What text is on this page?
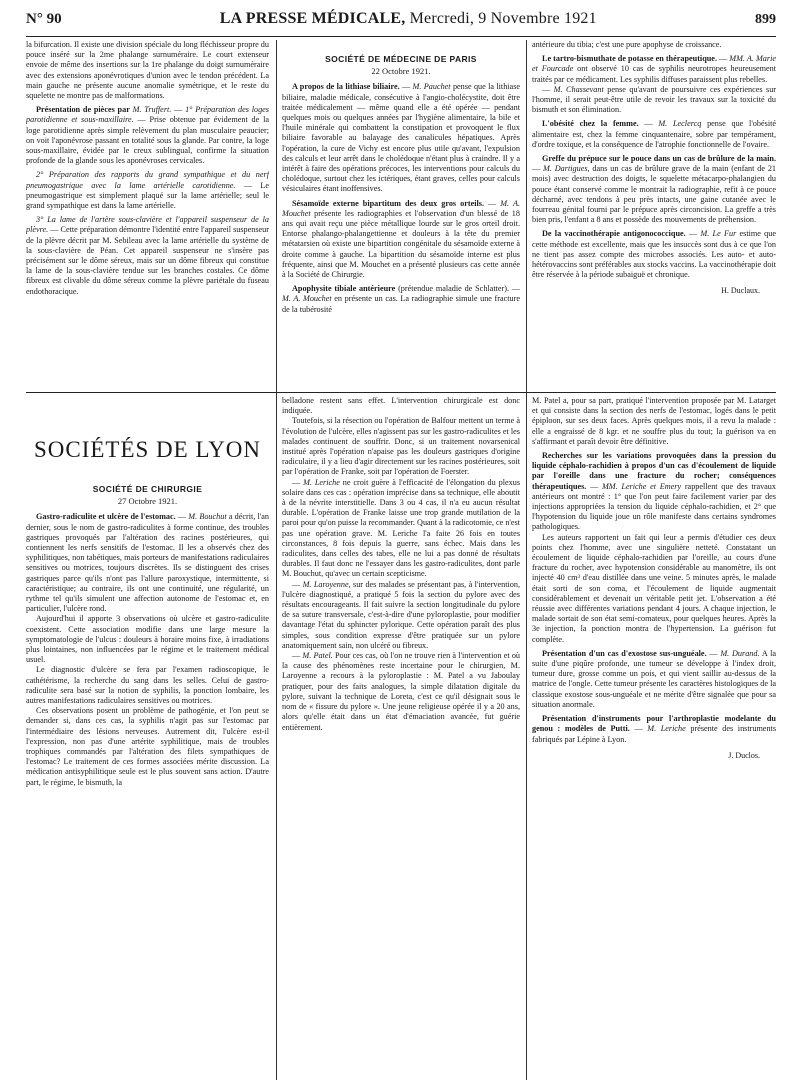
N° 90	LA PRESSE MÉDICALE, Mercredi, 9 Novembre 1921	899

la bifurcation. Il existe une division spéciale du long fléchisseur propre du pouce inséré sur la 2me phalange surnuméraire. Le court extenseur envoie de même des insertions sur la 1re phalange du doigt surnuméraire avec des extensions aponévrotiques d'union avec le tendon précédent. La main gauche ne présente aucune anomalie symétrique, et le reste du squelette ne montre pas de malformations.

Présentation de pièces par M. Truffert. — 1° Préparation des loges parotidienne et sous-maxillaire. — Prise obtenue par évidement de la loge parotidienne après simple relèvement du plan musculaire peaucier; on voit l'aponévrose passant en totalité sous la glande. Par contre, la loge sous-maxillaire, évidée par le creux sublingual, confirme la situation profonde de la glande sous les aponévroses cervicales.

2° Préparation des rapports du grand sympathique et du nerf pneumogastrique avec la lame artérielle carotidienne. — Le pneumogastrique est simplement plaqué sur la lame artérielle; seul le grand sympathique est dans la lame artérielle.

3° La lame de l'artère sous-clavière et l'appareil suspenseur de la plèvre. — Cette préparation démontre l'identité entre l'appareil suspenseur de la plèvre décrit par M. Sebileau avec la lame artérielle du système de la sous-clavière de Péan. Cet appareil suspenseur ne s'insère pas précisément sur le dôme séreux, mais sur un dôme fibreux qui constitue la lame de la sous-clavière tendue sur les branches costales. Ce dôme fibreux est clivable du dôme séreux comme la plèvre pariétale du fuseau endothoracique.

SOCIÉTÉ DE MÉDECINE DE PARIS

22 Octobre 1921.

A propos de la lithiase biliaire. — M. Pauchet pense que la lithiase biliaire, maladie médicale, consécutive à l'angio-cholécystite, doit être traitée médicalement — même quand elle a été opérée — pendant quelques mois ou quelques années par l'hygiène alimentaire, la bile et l'huile minérale qui combattent la constipation et provoquent le flux biliaire favorable au balayage des canalicules hépatiques. Après l'opération, la cure de Vichy est encore plus utile qu'avant, l'expulsion des calculs et leur arrêt dans le cholédoque n'étant plus à craindre. Il y a intérêt à faire des opérations précoces, les interventions pour calculs du cholédoque, surtout chez les ictériques, étant graves, celles pour calculs vésiculaires étant inoffensives.

Sésamoïde externe bipartitum des deux gros orteils. — M. A. Mouchet présente les radiographies et l'observation d'un blessé de 18 ans qui avait reçu une pièce métallique lourde sur le gros orteil droit. Entorse phalango-phalangettienne et douleurs à la tête du premier métatarsien où existe une bipartition congénitale du sésamoïde externe à droite comme à gauche. La bipartition du sésamoïde interne est plus fréquente, ainsi que M. Mouchet en a présenté plusieurs cas cette année à la Société de Chirurgie.

Apophysite tibiale antérieure (prétendue maladie de Schlatter). — M. A. Mouchet en présente un cas. La radiographie simule une fracture de la tubérosité

antérieure du tibia; c'est une pure apophyse de croissance.

Le tartro-bismuthate de potasse en thérapeutique. — MM. A. Marie et Fourcade ont observé 10 cas de syphilis neurotropes heureusement traités par ce médicament. Les syphilis diffuses paraissent plus rebelles.

— M. Chassevant pense qu'avant de poursuivre ces expériences sur l'homme, il serait peut-être utile de revoir les travaux sur la toxicité du bismuth et son élimination.

L'obésité chez la femme. — M. Leclercq pense que l'obésité alimentaire est, chez la femme cinquantenaire, sobre par tempérament, d'ordre toxique, et la conséquence de l'atrophie fonctionnelle de l'ovaire.

Greffe du prépuce sur le pouce dans un cas de brûlure de la main. — M. Dartigues, dans un cas de brûlure grave de la main (enfant de 21 mois) avec destruction des doigts, le squelette métacarpo-phalangien du pouce étant conservé comme le montrait la radiographie, refit à ce pouce décharné, avec tendons à peu près intacts, une gaine cutanée avec le fourreau génital fourni par le prépuce après circoncision. La greffe a très bien pris, l'enfant a 8 ans et possède des mouvements de préhension.

De la vaccinothérapie antigonococcique. — M. Le Fur estime que cette méthode est excellente, mais que les insuccès sont dus à ce que l'on ne tient pas assez compte des microbes associés. Les auto- et auto-hétérovaccins sont préférables aux stocks vaccins. La vaccinothérapie doit être réservée à la période subaiguë et chronique.

H. Duclaux.

SOCIÉTÉS DE LYON

SOCIÉTÉ DE CHIRURGIE

27 Octobre 1921.

Gastro-radiculite et ulcère de l'estomac. — M. Bouchut a décrit, l'an dernier, sous le nom de gastro-radiculites à forme continue, des troubles gastriques provoqués par l'altération des racines postérieures, qui contiennent les nerfs sensitifs de l'estomac. Il les a observés chez des syphilitiques, non tabétiques, mais porteurs de manifestations radiculaires sensitives ou motrices, toujours discrètes. Ils se distinguent des crises gastriques parce qu'ils n'ont pas l'allure paroxystique, intermittente, si caractéristique; au contraire, ils ont une continuité, une régularité, un rythme tel qu'ils simulent une affection autonome de l'estomac et, en particulier, l'ulcère rond.

Aujourd'hui il apporte 3 observations où ulcère et gastro-radiculite coexistent. Cette association modifie dans une large mesure la symptomatologie de l'ulcus : douleurs à horaire moins fixe, à irradiations plus lointaines, non influencées par le régime et le traitement médical usuel.

Le diagnostic d'ulcère se fera par l'examen radioscopique, le cathétérisme, la recherche du sang dans les selles. Celui de gastro-radiculite sera basé sur la notion de syphilis, la ponction lombaire, les autres manifestations radiculaires sensitives ou motrices.

Ces observations posent un problème de pathogénie, et l'on peut se demander si, dans ces cas, la syphilis n'agit pas sur l'estomac par l'intermédiaire des lésions nerveuses. Autrement dit, l'ulcère est-il l'expression, non pas d'une artérite syphilitique, mais de troubles trophiques commandés par l'altération des filets sympathiques de l'estomac? Le traitement de ces formes associées mérite discussion. La médication antisyphilitique seule est le plus souvent sans action. D'autre part, le régime, le bismuth, la

belladone restent sans effet. L'intervention chirurgicale est donc indiquée.

Toutefois, si la résection ou l'opération de Balfour mettent un terme à l'évolution de l'ulcère, elles n'agissent pas sur les gastro-radiculites et les malades continuent de souffrir. Donc, si un traitement novarsenical institué après l'opération n'apaise pas les douleurs gastriques d'origine radiculaire, il y a lieu d'agir directement sur les racines postérieures, soit par l'opération de Franke, soit par l'opération de Foerster.

— M. Leriche ne croit guère à l'efficacité de l'élongation du plexus solaire dans ces cas : opération imprécise dans sa technique, elle aboutit à de la névrite interstitielle. Dans 3 ou 4 cas, il n'a eu aucun résultat durable. L'opération de Franke laisse une trop grande mutilation de la paroi pour qu'on puisse la recommander. Quant à la radicotomie, ce n'est pas une opération grave. M. Leriche l'a faite 26 fois en toutes circonstances, 8 fois depuis la guerre, sans échec. Mais dans les radiculites, dans celles des tabes, elle ne lui a pas donné de résultats durables. Il faut donc ne l'essayer dans les gastro-radiculites, dont parle M. Bouchut, qu'avec un certain scepticisme.

— M. Laroyenne, sur des malades se présentant pas, à l'intervention, l'ulcère diagnostiqué, a pratiqué 5 fois la section du pylore avec des résultats encourageants. Il fait suivre la section longitudinale du pylore de sa suture transversale, c'est-à-dire d'une pyloroplastie, pour modifier davantage l'état du sphincter pylorique. Cette opération paraît des plus simples, sous condition expresse d'être pratiquée sur un pylore anatomiquement sain, non ulcéré ou fibreux.

— M. Patel. Pour ces cas, où l'on ne trouve rien à l'intervention et où la cause des phénomènes reste incertaine pour le chirurgien, M. Laroyenne a recours à la pyloroplastie : M. Patel a vu Jaboulay pratiquer, pour des faits analogues, la simple dilatation digitale du pylore, suivant la technique de Loreta, c'est ce qu'il désignait sous le nom de « fissure du pylore ». Une jeune religieuse opérée il y a 20 ans, alors qu'elle était dans un état d'émaciation avancée, fut guérie entièrement.

M. Patel a, pour sa part, pratiqué l'intervention proposée par M. Latarget et qui consiste dans la section des nerfs de l'estomac, logés dans le petit épiploon, sur ses deux faces. Après quelques mois, il a revu la malade : elle a engraissé de 8 kgr. et ne souffre plus du tout; la guérison va en s'affirmant et paraît devoir être définitive.

Recherches sur les variations provoquées dans la pression du liquide céphalo-rachidien à propos d'un cas d'écoulement de liquide par l'oreille dans une fracture du rocher; conséquences thérapeutiques. — MM. Leriche et Emery rappellent que des travaux antérieurs ont montré : 1° que l'on peut faire facilement varier par des injections appropriées la tension du liquide céphalo-rachidien, et 2° que l'hypotension du liquide joue un rôle manifeste dans certains syndromes pathologiques.

Les auteurs rapportent un fait qui leur a permis d'étudier ces deux points chez l'homme, avec une singulière netteté. Constatant un écoulement de liquide céphalo-rachidien par l'oreille, au cours d'une fracture du rocher, avec hypotension considérable au manomètre, ils ont injecté 40 cm³ d'eau distillée dans une veine. 5 minutes après, le malade était sorti de son coma, et l'écoulement de liquide augmentait considérablement et devenait un véritable petit jet. L'observation a été réussie avec différentes variations pendant 4 jours. A chaque injection, le malade sortait de son état semi-comateux, pour quelques heures. Après la 3e injection, la ponction montra de l'hypertension. La guérison fut complète.

Présentation d'un cas d'exostose sus-unguéale. — M. Durand. A la suite d'une piqûre profonde, une tumeur se développe à l'index droit, tumeur dure, grosse comme un pois, et qui vient saillir au-dessus de la matrice de l'ongle. Cette tumeur présente les caractères histologiques de la classique exostose sous-unguéale et ne mérite d'être signalée que pour sa situation anormale.

Présentation d'instruments pour l'arthroplastie modelante du genou : modèles de Putti. — M. Leriche présente des instruments fabriqués par Lépine à Lyon.

J. Duclos.
